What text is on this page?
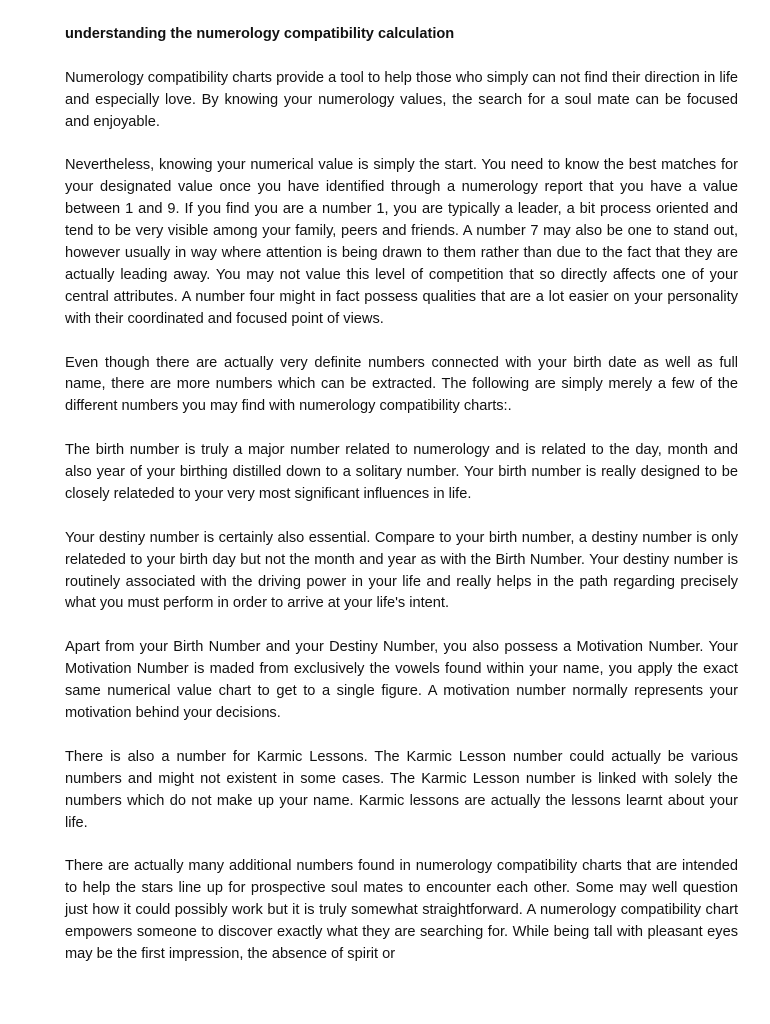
understanding the numerology compatibility calculation

Numerology compatibility charts provide a tool to help those who simply can not find their direction in life and especially love. By knowing your numerology values, the search for a soul mate can be focused and enjoyable.

Nevertheless, knowing your numerical value is simply the start. You need to know the best matches for your designated value once you have identified through a numerology report that you have a value between 1 and 9. If you find you are a number 1, you are typically a leader, a bit process oriented and tend to be very visible among your family, peers and friends. A number 7 may also be one to stand out, however usually in way where attention is being drawn to them rather than due to the fact that they are actually leading away. You may not value this level of competition that so directly affects one of your central attributes. A number four might in fact possess qualities that are a lot easier on your personality with their coordinated and focused point of views.

Even though there are actually very definite numbers connected with your birth date as well as full name, there are more numbers which can be extracted. The following are simply merely a few of the different numbers you may find with numerology compatibility charts:.

The birth number is truly a major number related to numerology and is related to the day, month and also year of your birthing distilled down to a solitary number. Your birth number is really designed to be closely relateded to your very most significant influences in life.

Your destiny number is certainly also essential. Compare to your birth number, a destiny number is only relateded to your birth day but not the month and year as with the Birth Number. Your destiny number is routinely associated with the driving power in your life and really helps in the path regarding precisely what you must perform in order to arrive at your life's intent.

Apart from your Birth Number and your Destiny Number, you also possess a Motivation Number. Your Motivation Number is maded from exclusively the vowels found within your name, you apply the exact same numerical value chart to get to a single figure. A motivation number normally represents your motivation behind your decisions.

There is also a number for Karmic Lessons. The Karmic Lesson number could actually be various numbers and might not existent in some cases. The Karmic Lesson number is linked with solely the numbers which do not make up your name. Karmic lessons are actually the lessons learnt about your life.

There are actually many additional numbers found in numerology compatibility charts that are intended to help the stars line up for prospective soul mates to encounter each other. Some may well question just how it could possibly work but it is truly somewhat straightforward. A numerology compatibility chart empowers someone to discover exactly what they are searching for. While being tall with pleasant eyes may be the first impression, the absence of spirit or
